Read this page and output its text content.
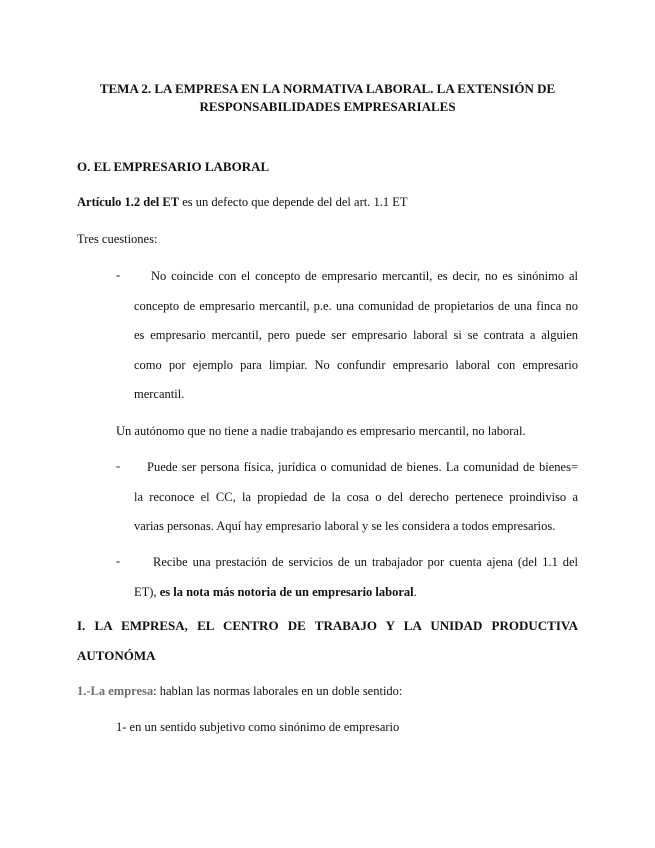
TEMA 2. LA EMPRESA EN LA NORMATIVA LABORAL. LA EXTENSIÓN DE
RESPONSABILIDADES EMPRESARIALES
O. EL EMPRESARIO LABORAL
Artículo 1.2 del ET es un defecto que depende del del art. 1.1 ET
Tres cuestiones:
-	No coincide con el concepto de empresario mercantil, es decir, no es sinónimo al
concepto de empresario mercantil, p.e. una comunidad de propietarios de una finca no
es empresario mercantil, pero puede ser empresario laboral si se contrata a alguien
como por ejemplo para limpiar. No confundir empresario laboral con empresario
mercantil.
Un autónomo que no tiene a nadie trabajando es empresario mercantil, no laboral.
-	Puede ser persona física, jurídica o comunidad de bienes. La comunidad de bienes=
la reconoce el CC, la propiedad de la cosa o del derecho pertenece proindiviso a
varias personas. Aquí hay empresario laboral y se les considera a todos empresarios.
-	Recibe una prestación de servicios de un trabajador por cuenta ajena (del 1.1 del
ET), es la nota más notoria de un empresario laboral.
I. LA EMPRESA, EL CENTRO DE TRABAJO Y LA UNIDAD PRODUCTIVA
AUTONÓMA
1.-La empresa: hablan las normas laborales en un doble sentido:
1- en un sentido subjetivo como sinónimo de empresario
